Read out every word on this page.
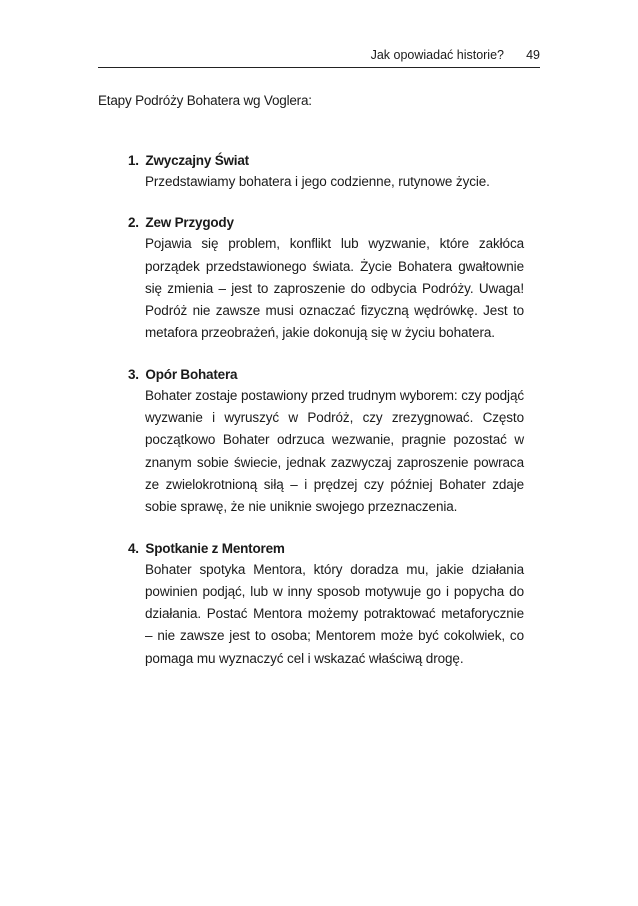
Jak opowiadać historie? 49
Etapy Podróży Bohatera wg Voglera:
1. Zwyczajny Świat

Przedstawiamy bohatera i jego codzienne, rutynowe życie.

2. Zew Przygody

Pojawia się problem, konflikt lub wyzwanie, które zakłóca porządek przedstawionego świata. Życie Bohatera gwałtownie się zmienia – jest to zaproszenie do odbycia Podróży. Uwaga! Podróż nie zawsze musi oznaczać fizyczną wędrówkę. Jest to metafora przeobrażeń, jakie dokonują się w życiu bohatera.

3. Opór Bohatera

Bohater zostaje postawiony przed trudnym wyborem: czy podjąć wyzwanie i wyruszyć w Podróż, czy zrezygnować. Często początkowo Bohater odrzuca wezwanie, pragnie pozostać w znanym sobie świecie, jednak zazwyczaj zaproszenie powraca ze zwielokrotnioną siłą – i prędzej czy później Bohater zdaje sobie sprawę, że nie uniknie swojego przeznaczenia.

4. Spotkanie z Mentorem

Bohater spotyka Mentora, który doradza mu, jakie działania powinien podjąć, lub w inny sposob motywuje go i popycha do działania. Postać Mentora możemy potraktować metaforycznie – nie zawsze jest to osoba; Mentorem może być cokolwiek, co pomaga mu wyznaczyć cel i wskazać właściwą drogę.
